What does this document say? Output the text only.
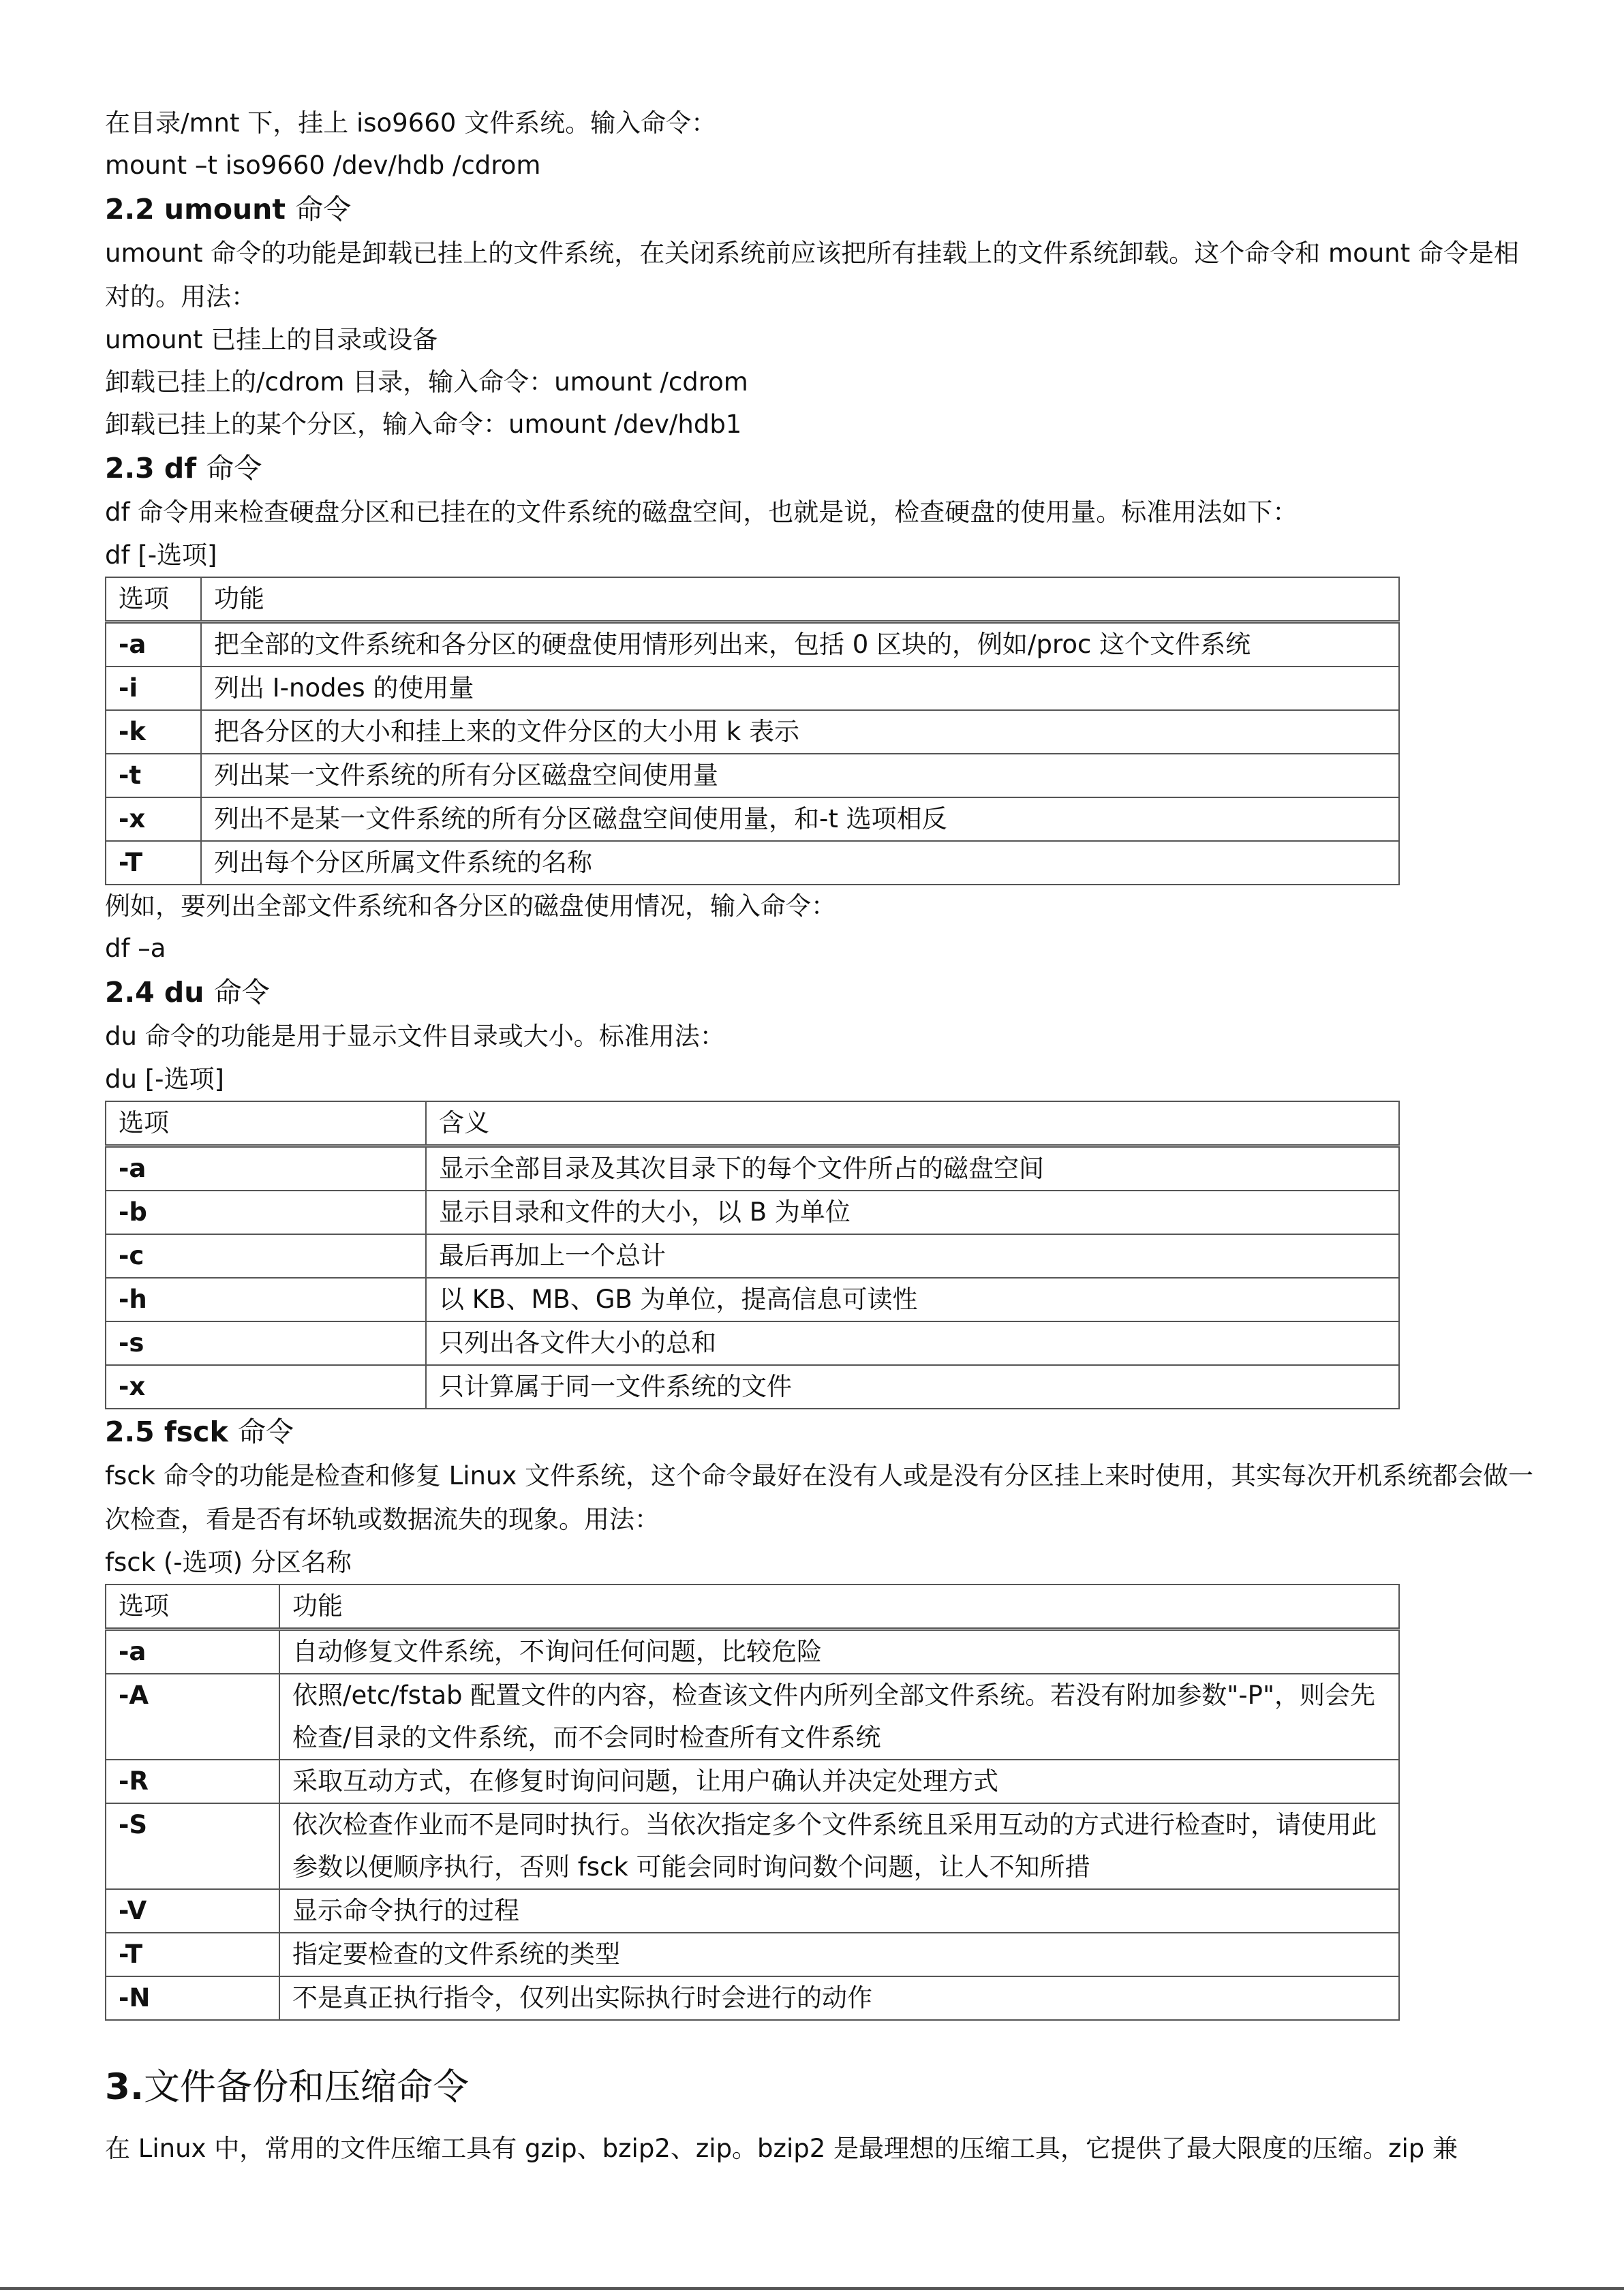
在目录/mnt 下，挂上 iso9660 文件系统。输入命令：

mount –t iso9660 /dev/hdb /cdrom

2.2 umount 命令

umount 命令的功能是卸载已挂上的文件系统，在关闭系统前应该把所有挂载上的文件系统卸载。这个命令和 mount 命令是相对的。用法：

umount 已挂上的目录或设备

卸载已挂上的/cdrom 目录，输入命令：umount /cdrom

卸载已挂上的某个分区，输入命令：umount /dev/hdb1

2.3 df 命令

df 命令用来检查硬盘分区和已挂在的文件系统的磁盘空间，也就是说，检查硬盘的使用量。标准用法如下：

df [-选项]

选项	功能
-a	把全部的文件系统和各分区的硬盘使用情形列出来，包括 0 区块的，例如/proc 这个文件系统
-i	列出 I-nodes 的使用量
-k	把各分区的大小和挂上来的文件分区的大小用 k 表示
-t	列出某一文件系统的所有分区磁盘空间使用量
-x	列出不是某一文件系统的所有分区磁盘空间使用量，和-t 选项相反
-T	列出每个分区所属文件系统的名称

例如，要列出全部文件系统和各分区的磁盘使用情况，输入命令：

df –a

2.4 du 命令

du 命令的功能是用于显示文件目录或大小。标准用法：

du [-选项]

选项	含义
-a	显示全部目录及其次目录下的每个文件所占的磁盘空间
-b	显示目录和文件的大小，以 B 为单位
-c	最后再加上一个总计
-h	以 KB、MB、GB 为单位，提高信息可读性
-s	只列出各文件大小的总和
-x	只计算属于同一文件系统的文件
2.5 fsck 命令

fsck 命令的功能是检查和修复 Linux 文件系统，这个命令最好在没有人或是没有分区挂上来时使用，其实每次开机系统都会做一次检查，看是否有坏轨或数据流失的现象。用法：

fsck (-选项) 分区名称

选项	功能
-a	自动修复文件系统，不询问任何问题，比较危险
-A	依照/etc/fstab 配置文件的内容，检查该文件内所列全部文件系统。若没有附加参数"-P"，则会先检查/目录的文件系统，而不会同时检查所有文件系统
-R	采取互动方式，在修复时询问问题，让用户确认并决定处理方式
-S	依次检查作业而不是同时执行。当依次指定多个文件系统且采用互动的方式进行检查时，请使用此参数以便顺序执行，否则 fsck 可能会同时询问数个问题，让人不知所措
-V	显示命令执行的过程
-T	指定要检查的文件系统的类型
-N	不是真正执行指令，仅列出实际执行时会进行的动作
3.文件备份和压缩命令

在 Linux 中，常用的文件压缩工具有 gzip、bzip2、zip。bzip2 是最理想的压缩工具，它提供了最大限度的压缩。zip 兼
